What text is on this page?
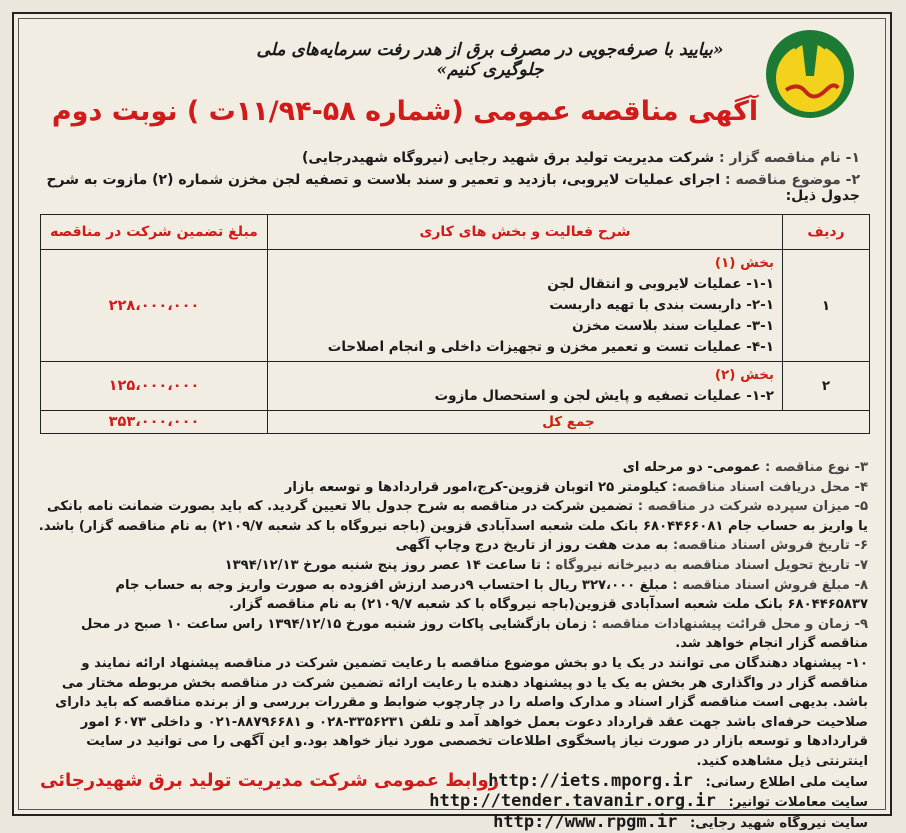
«بیایید با صرفه‌جویی در مصرف برق از هدر رفت سرمایه‌های ملی جلوگیری کنیم»
آگهی مناقصه عمومی (شماره ۵۸-۱۱/۹۴ت ) نوبت دوم
۱- نام مناقصه گزار : شرکت مدیریت تولید برق شهید رجایی (نیروگاه شهیدرجایی)
۲- موضوع مناقصه : اجرای عملیات لایروبی، بازدید و تعمیر و سند بلاست و تصفیه لجن مخزن شماره (۲) مازوت به شرح جدول ذیل:
ردیف	شرح فعالیت و بخش های کاری	مبلغ تضمین شرکت در مناقصه
۱	بخش (۱)
۱-۱- عملیات لایروبی و انتقال لجن
۲-۱- داربست بندی با تهیه داربست
۳-۱- عملیات سند بلاست مخزن
۴-۱- عملیات تست و تعمیر مخزن و تجهیزات داخلی و انجام اصلاحات	۲۲۸،۰۰۰،۰۰۰
۲	بخش (۲)
۱-۲- عملیات تصفیه و پایش لجن و استحصال مازوت	۱۲۵،۰۰۰،۰۰۰
جمع کل		۳۵۳،۰۰۰،۰۰۰
۳- نوع مناقصه : عمومی- دو مرحله ای
۴- محل دریافت اسناد مناقصه: کیلومتر ۲۵ اتوبان قزوین-کرج،امور قراردادها و توسعه بازار
۵- میزان سپرده شرکت در مناقصه : تضمین شرکت در مناقصه به شرح جدول بالا تعیین گردید. که باید بصورت ضمانت نامه بانکی یا واریز به حساب جام ۶۸۰۴۴۶۶۰۸۱ بانک ملت شعبه اسدآبادی قزوین (باجه نیروگاه با کد شعبه ۲۱۰۹/۷) به نام مناقصه گزار) باشد.
۶- تاریخ فروش اسناد مناقصه: به مدت هفت روز از تاریخ درج وچاپ آگهی
۷- تاریخ تحویل اسناد مناقصه به دبیرخانه نیروگاه : تا ساعت ۱۴ عصر روز پنج شنبه مورخ ۱۳۹۴/۱۲/۱۳
۸- مبلغ فروش اسناد مناقصه : مبلغ ۳۲۷،۰۰۰ ریال با احتساب ۹درصد ارزش افزوده به صورت واریز وجه به حساب جام ۶۸۰۴۴۶۵۸۳۷ بانک ملت شعبه اسدآبادی قزوین(باجه نیروگاه با کد شعبه ۲۱۰۹/۷) به نام مناقصه گزار.
۹- زمان و محل قرائت پیشنهادات مناقصه : زمان بازگشایی پاکات روز شنبه مورخ ۱۳۹۴/۱۲/۱۵ راس ساعت ۱۰ صبح در محل مناقصه گزار انجام خواهد شد.
۱۰- پیشنهاد دهندگان می توانند در یک یا دو بخش موضوع مناقصه با رعایت تضمین شرکت در مناقصه پیشنهاد ارائه نمایند و مناقصه گزار در واگذاری هر بخش به یک یا دو پیشنهاد دهنده با رعایت ارائه تضمین شرکت در مناقصه بخش مربوطه مختار می باشد. بدیهی است مناقصه گزار اسناد و مدارک واصله را در چارچوب ضوابط و مقررات بررسی و از برنده مناقصه که باید دارای صلاحیت حرفه‌ای باشد جهت عقد قرارداد دعوت بعمل خواهد آمد و تلفن ۳۳۵۶۲۳۱-۰۲۸ و ۸۸۷۹۶۶۸۱-۰۲۱ و داخلی ۶۰۷۳ امور قراردادها و توسعه بازار در صورت نیاز پاسخگوی اطلاعات تخصصی مورد نیاز خواهد بود.و این آگهی را می توانید در سایت اینترنتی ذیل مشاهده کنید.
سایت ملی اطلاع رسانی: http://iets.mporg.ir
سایت معاملات توانیر: http://tender.tavanir.org.ir
سایت نیروگاه شهید رجایی: http://www.rpgm.ir
روابط عمومی شرکت مدیریت تولید برق شهیدرجائی
